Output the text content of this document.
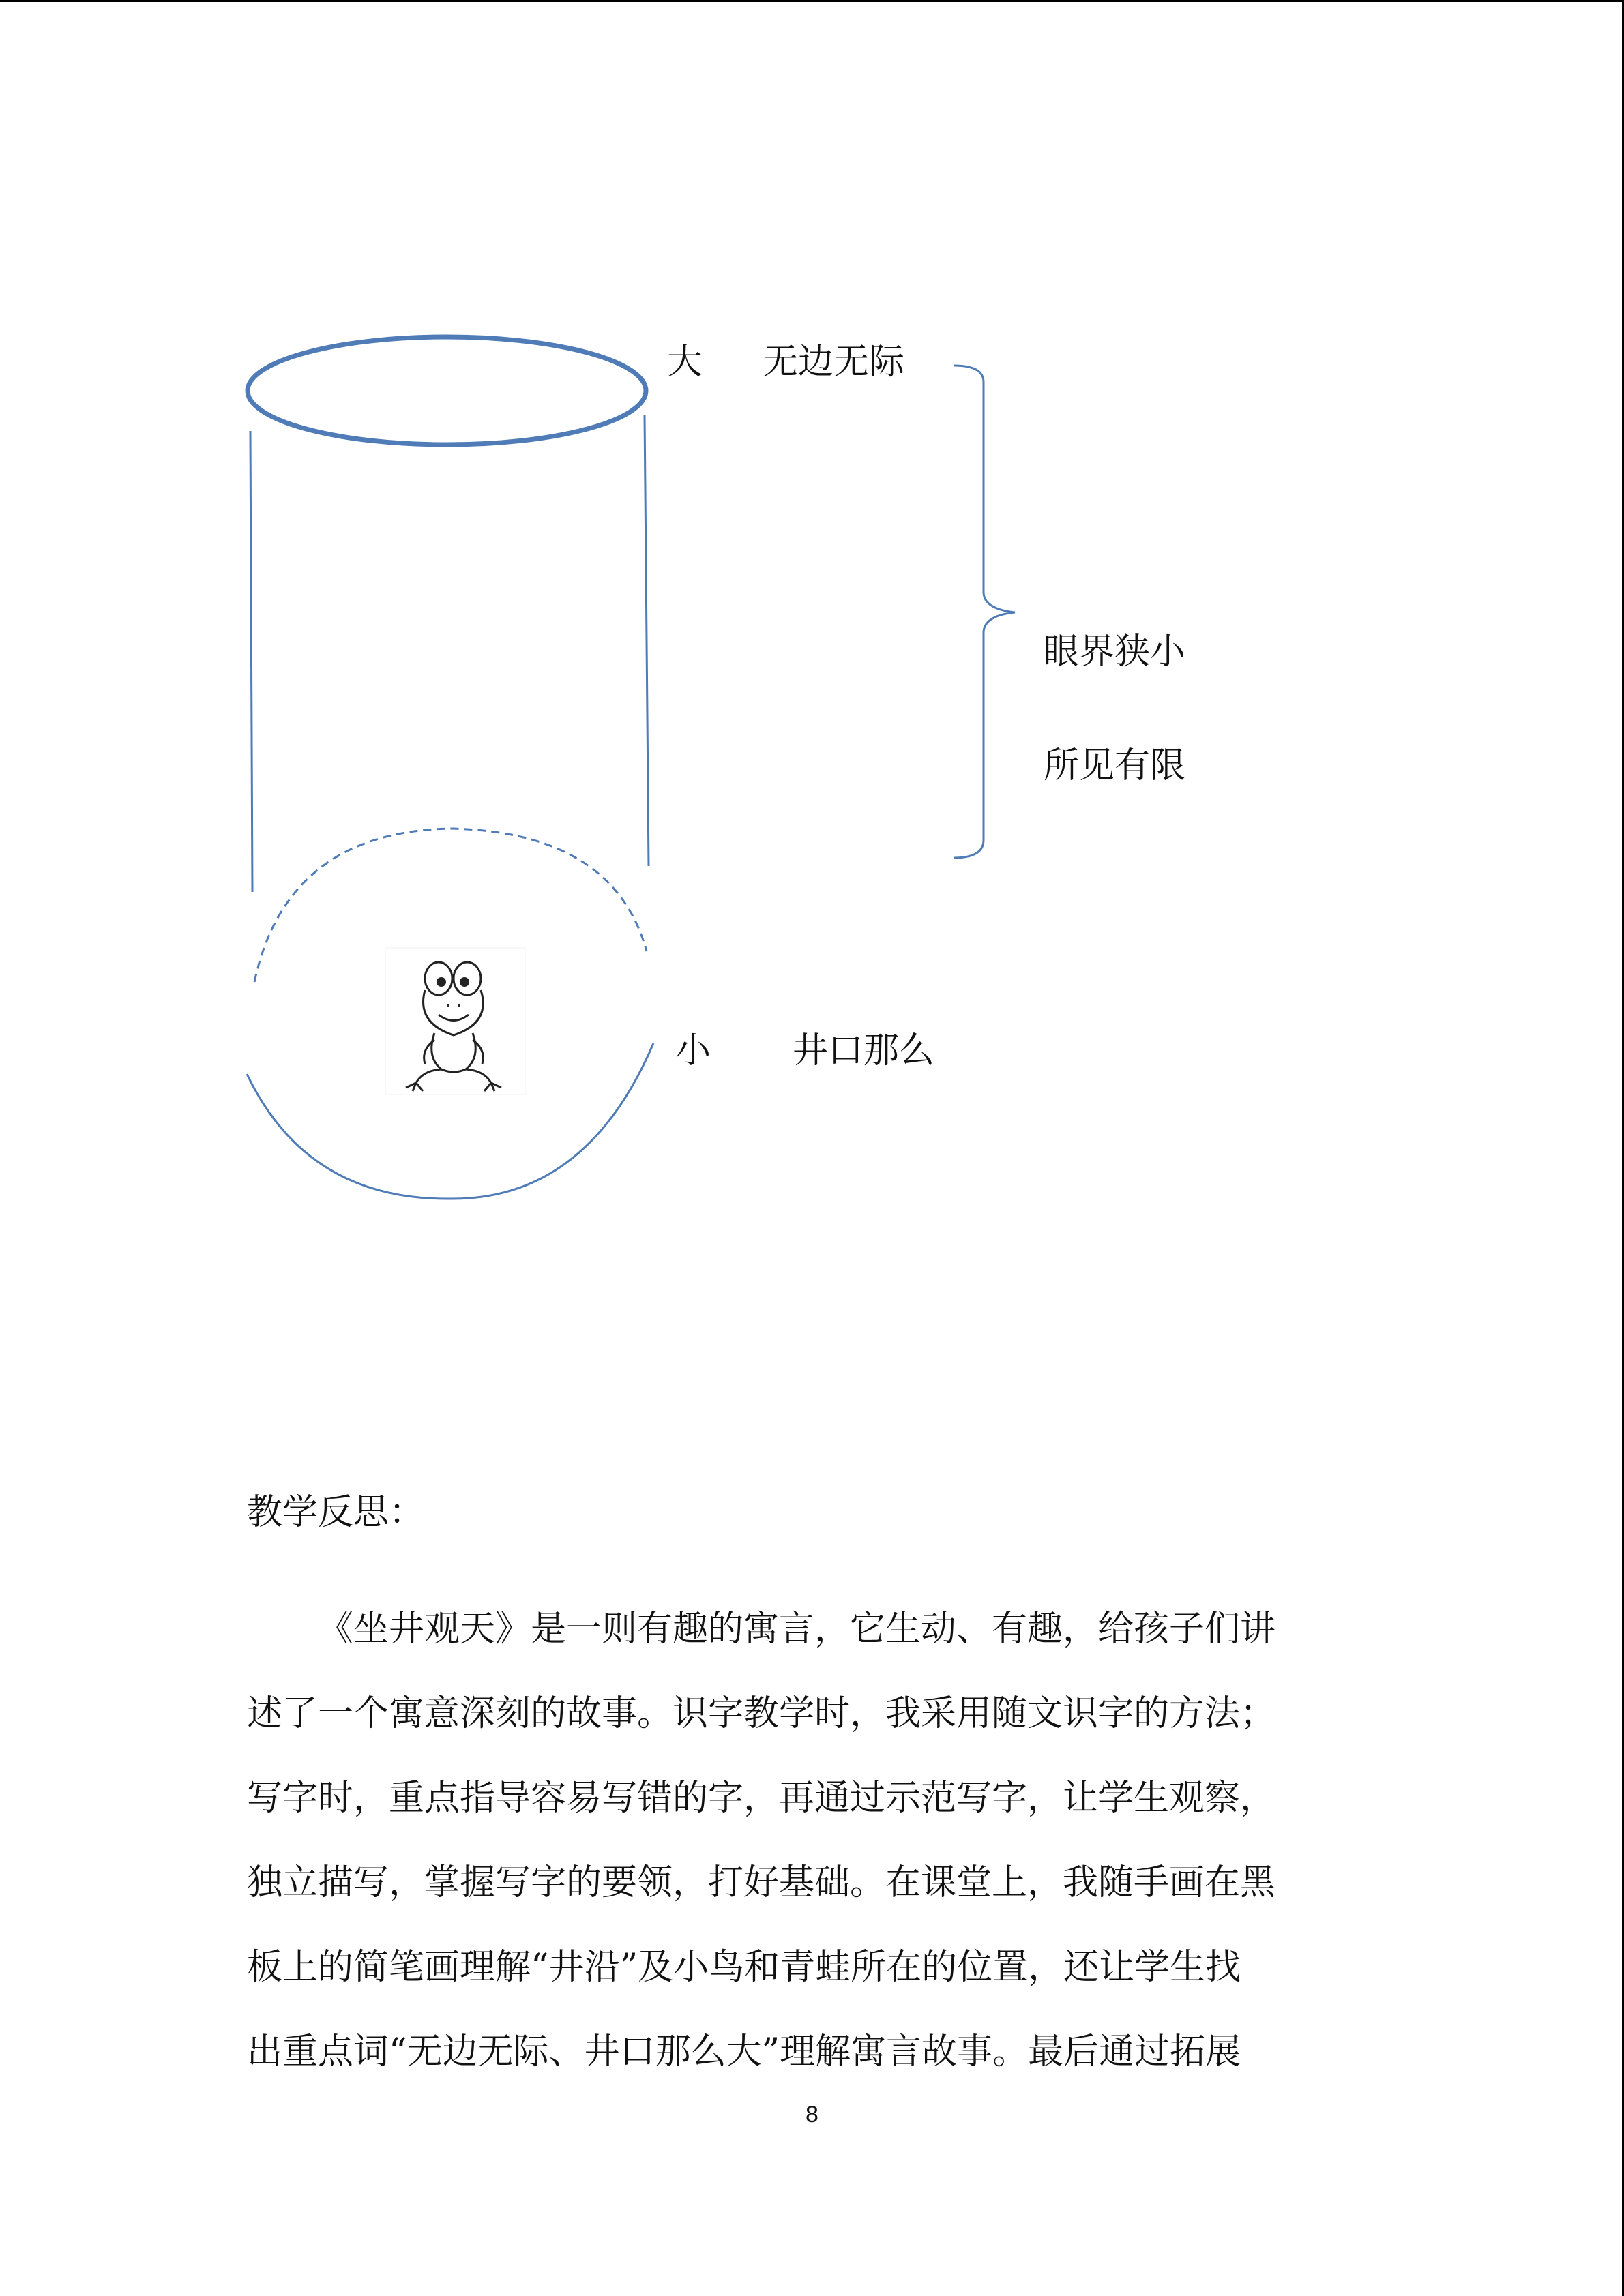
大 无边无际
眼界狭小
所见有限
小 井口那么
教学反思：
《坐井观天》是一则有趣的寓言，它生动、有趣，给孩子们讲
述了一个寓意深刻的故事。识字教学时，我采用随文识字的方法；
写字时，重点指导容易写错的字，再通过示范写字，让学生观察，
独立描写，掌握写字的要领，打好基础。在课堂上，我随手画在黑
板上的简笔画理解“井沿”及小鸟和青蛙所在的位置，还让学生找
出重点词“无边无际、井口那么大”理解寓言故事。最后通过拓展
8
